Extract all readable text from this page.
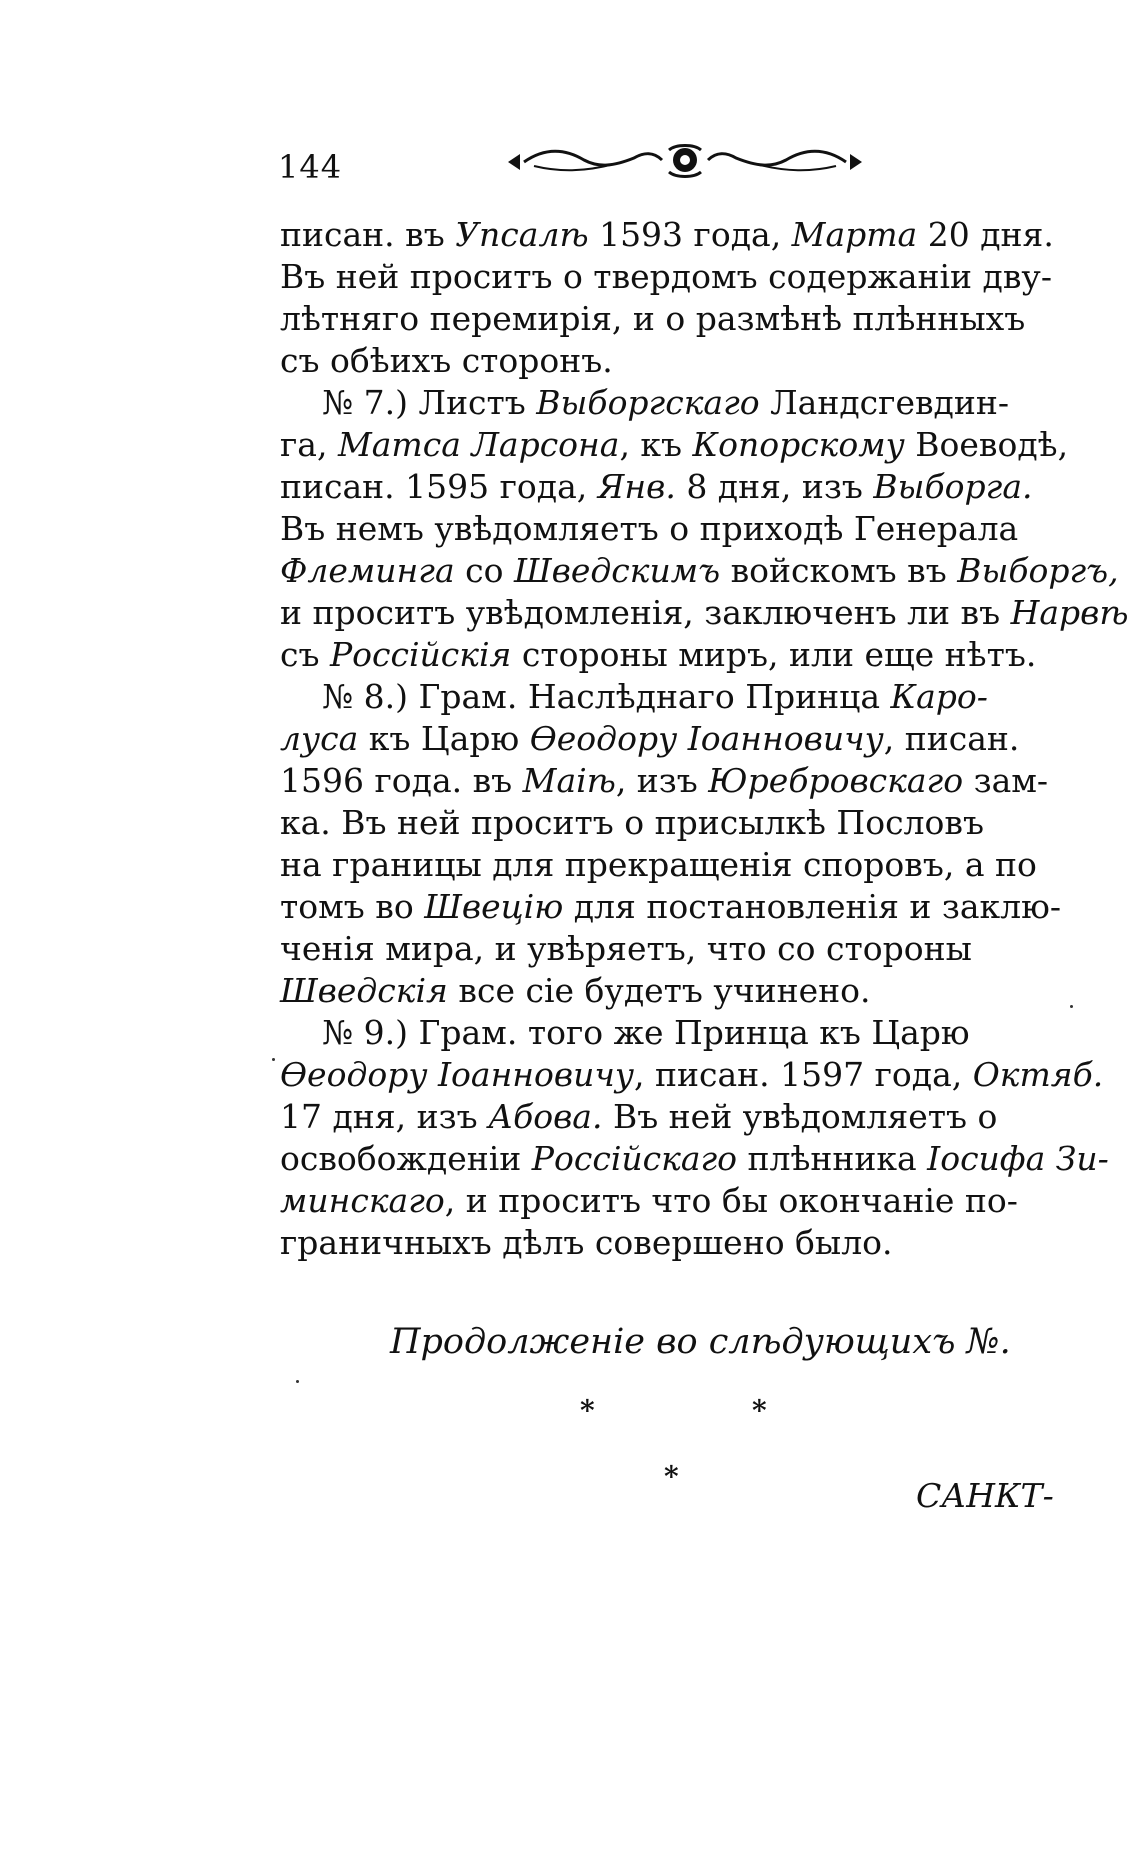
144
писан. въ Упсалѣ 1593 года, Марта 20 дня.
Въ ней проситъ о твердомъ содержаніи дву-
лѣтняго перемирія, и о размѣнѣ плѣнныхъ
съ обѣихъ сторонъ.
№ 7.) Листъ Выборгскаго Ландсгевдин-
га, Матса Ларсона, къ Копорскому Воеводѣ,
писан. 1595 года, Янв. 8 дня, изъ Выборга.
Въ немъ увѣдомляетъ о приходѣ Генерала
Флеминга со Шведскимъ войскомъ въ Выборгъ,
и проситъ увѣдомленія, заключенъ ли въ Нарвѣ
съ Россійскія стороны миръ, или еще нѣтъ.
№ 8.) Грам. Наслѣднаго Принца Каро-
луса къ Царю Ѳеодору Іоанновичу, писан.
1596 года. въ Маіѣ, изъ Юребровскаго зам-
ка. Въ ней проситъ о присылкѣ Пословъ
на границы для прекращенія споровъ, а по
томъ во Швецію для постановленія и заклю-
ченія мира, и увѣряетъ, что со стороны
Шведскія все сіе будетъ учинено.
№ 9.) Грам. того же Принца къ Царю
Ѳеодору Іоанновичу, писан. 1597 года, Октяб.
17 дня, изъ Абова. Въ ней увѣдомляетъ о
освобожденіи Россійскаго плѣнника Іосифа Зи-
минскаго, и проситъ что бы окончаніе по-
граничныхъ дѣлъ совершено было.
Продолженіе во слѣдующихъ №.
*	*
*	САНКТ-
